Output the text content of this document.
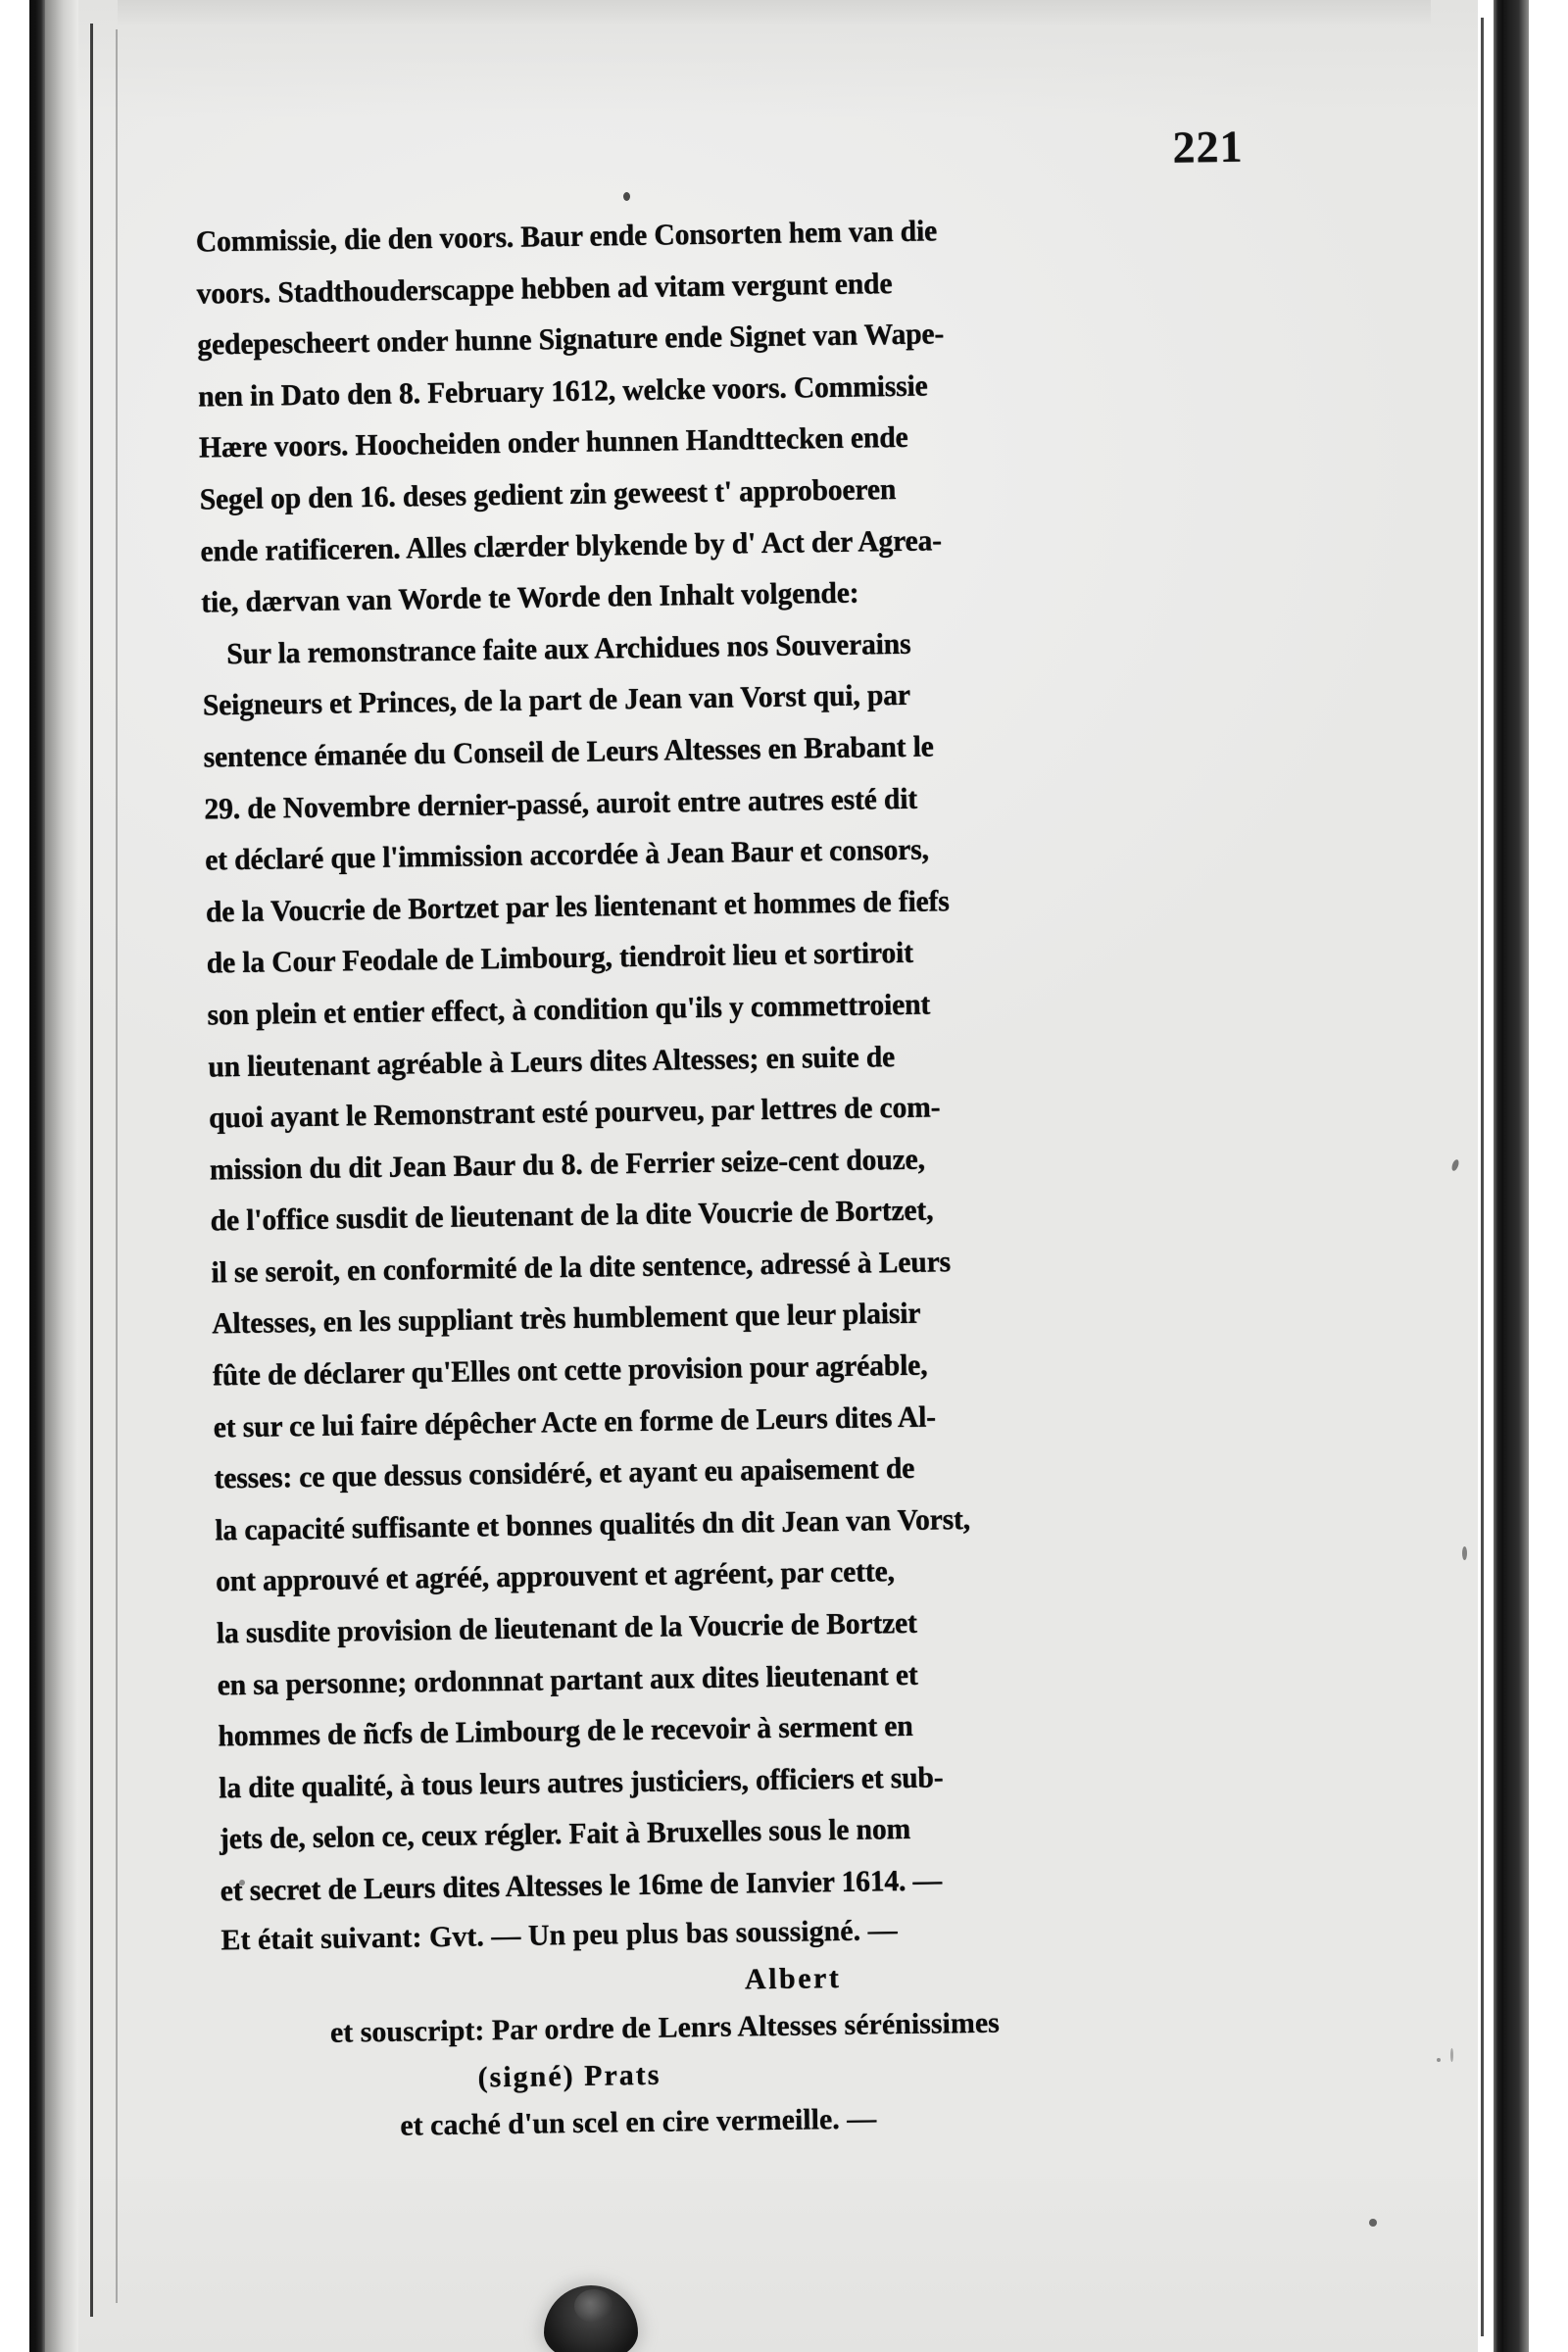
221
Commissie, die den voors. Baur ende Consorten hem van die
voors. Stadthouderscappe hebben ad vitam vergunt ende
gedepescheert onder hunne Signature ende Signet van Wape-
nen in Dato den 8. February 1612, welcke voors. Commissie
Hære voors. Hoocheiden onder hunnen Handttecken ende
Segel op den 16. deses gedient zin geweest t' approboeren
ende ratificeren. Alles clærder blykende by d' Act der Agrea-
tie, dærvan van Worde te Worde den Inhalt volgende:
Sur la remonstrance faite aux Archidues nos Souverains
Seigneurs et Princes, de la part de Jean van Vorst qui, par
sentence émanée du Conseil de Leurs Altesses en Brabant le
29. de Novembre dernier-passé, auroit entre autres esté dit
et déclaré que l'immission accordée à Jean Baur et consors,
de la Voucrie de Bortzet par les lientenant et hommes de fiefs
de la Cour Feodale de Limbourg, tiendroit lieu et sortiroit
son plein et entier effect, à condition qu'ils y commettroient
un lieutenant agréable à Leurs dites Altesses; en suite de
quoi ayant le Remonstrant esté pourveu, par lettres de com-
mission du dit Jean Baur du 8. de Ferrier seize-cent douze,
de l'office susdit de lieutenant de la dite Voucrie de Bortzet,
il se seroit, en conformité de la dite sentence, adressé à Leurs
Altesses, en les suppliant très humblement que leur plaisir
fûte de déclarer qu'Elles ont cette provision pour agréable,
et sur ce lui faire dépêcher Acte en forme de Leurs dites Al-
tesses: ce que dessus considéré, et ayant eu apaisement de
la capacité suffisante et bonnes qualités dn dit Jean van Vorst,
ont approuvé et agréé, approuvent et agréent, par cette,
la susdite provision de lieutenant de la Voucrie de Bortzet
en sa personne; ordonnnat partant aux dites lieutenant et
hommes de ñcfs de Limbourg de le recevoir à serment en
la dite qualité, à tous leurs autres justiciers, officiers et sub-
jets de, selon ce, ceux régler. Fait à Bruxelles sous le nom
et secret de Leurs dites Altesses le 16me de Ianvier 1614. —
Et était suivant: Gvt. — Un peu plus bas soussigné. —
Albert
et souscript: Par ordre de Lenrs Altesses sérénissimes
(signé) Prats
et caché d'un scel en cire vermeille. —
